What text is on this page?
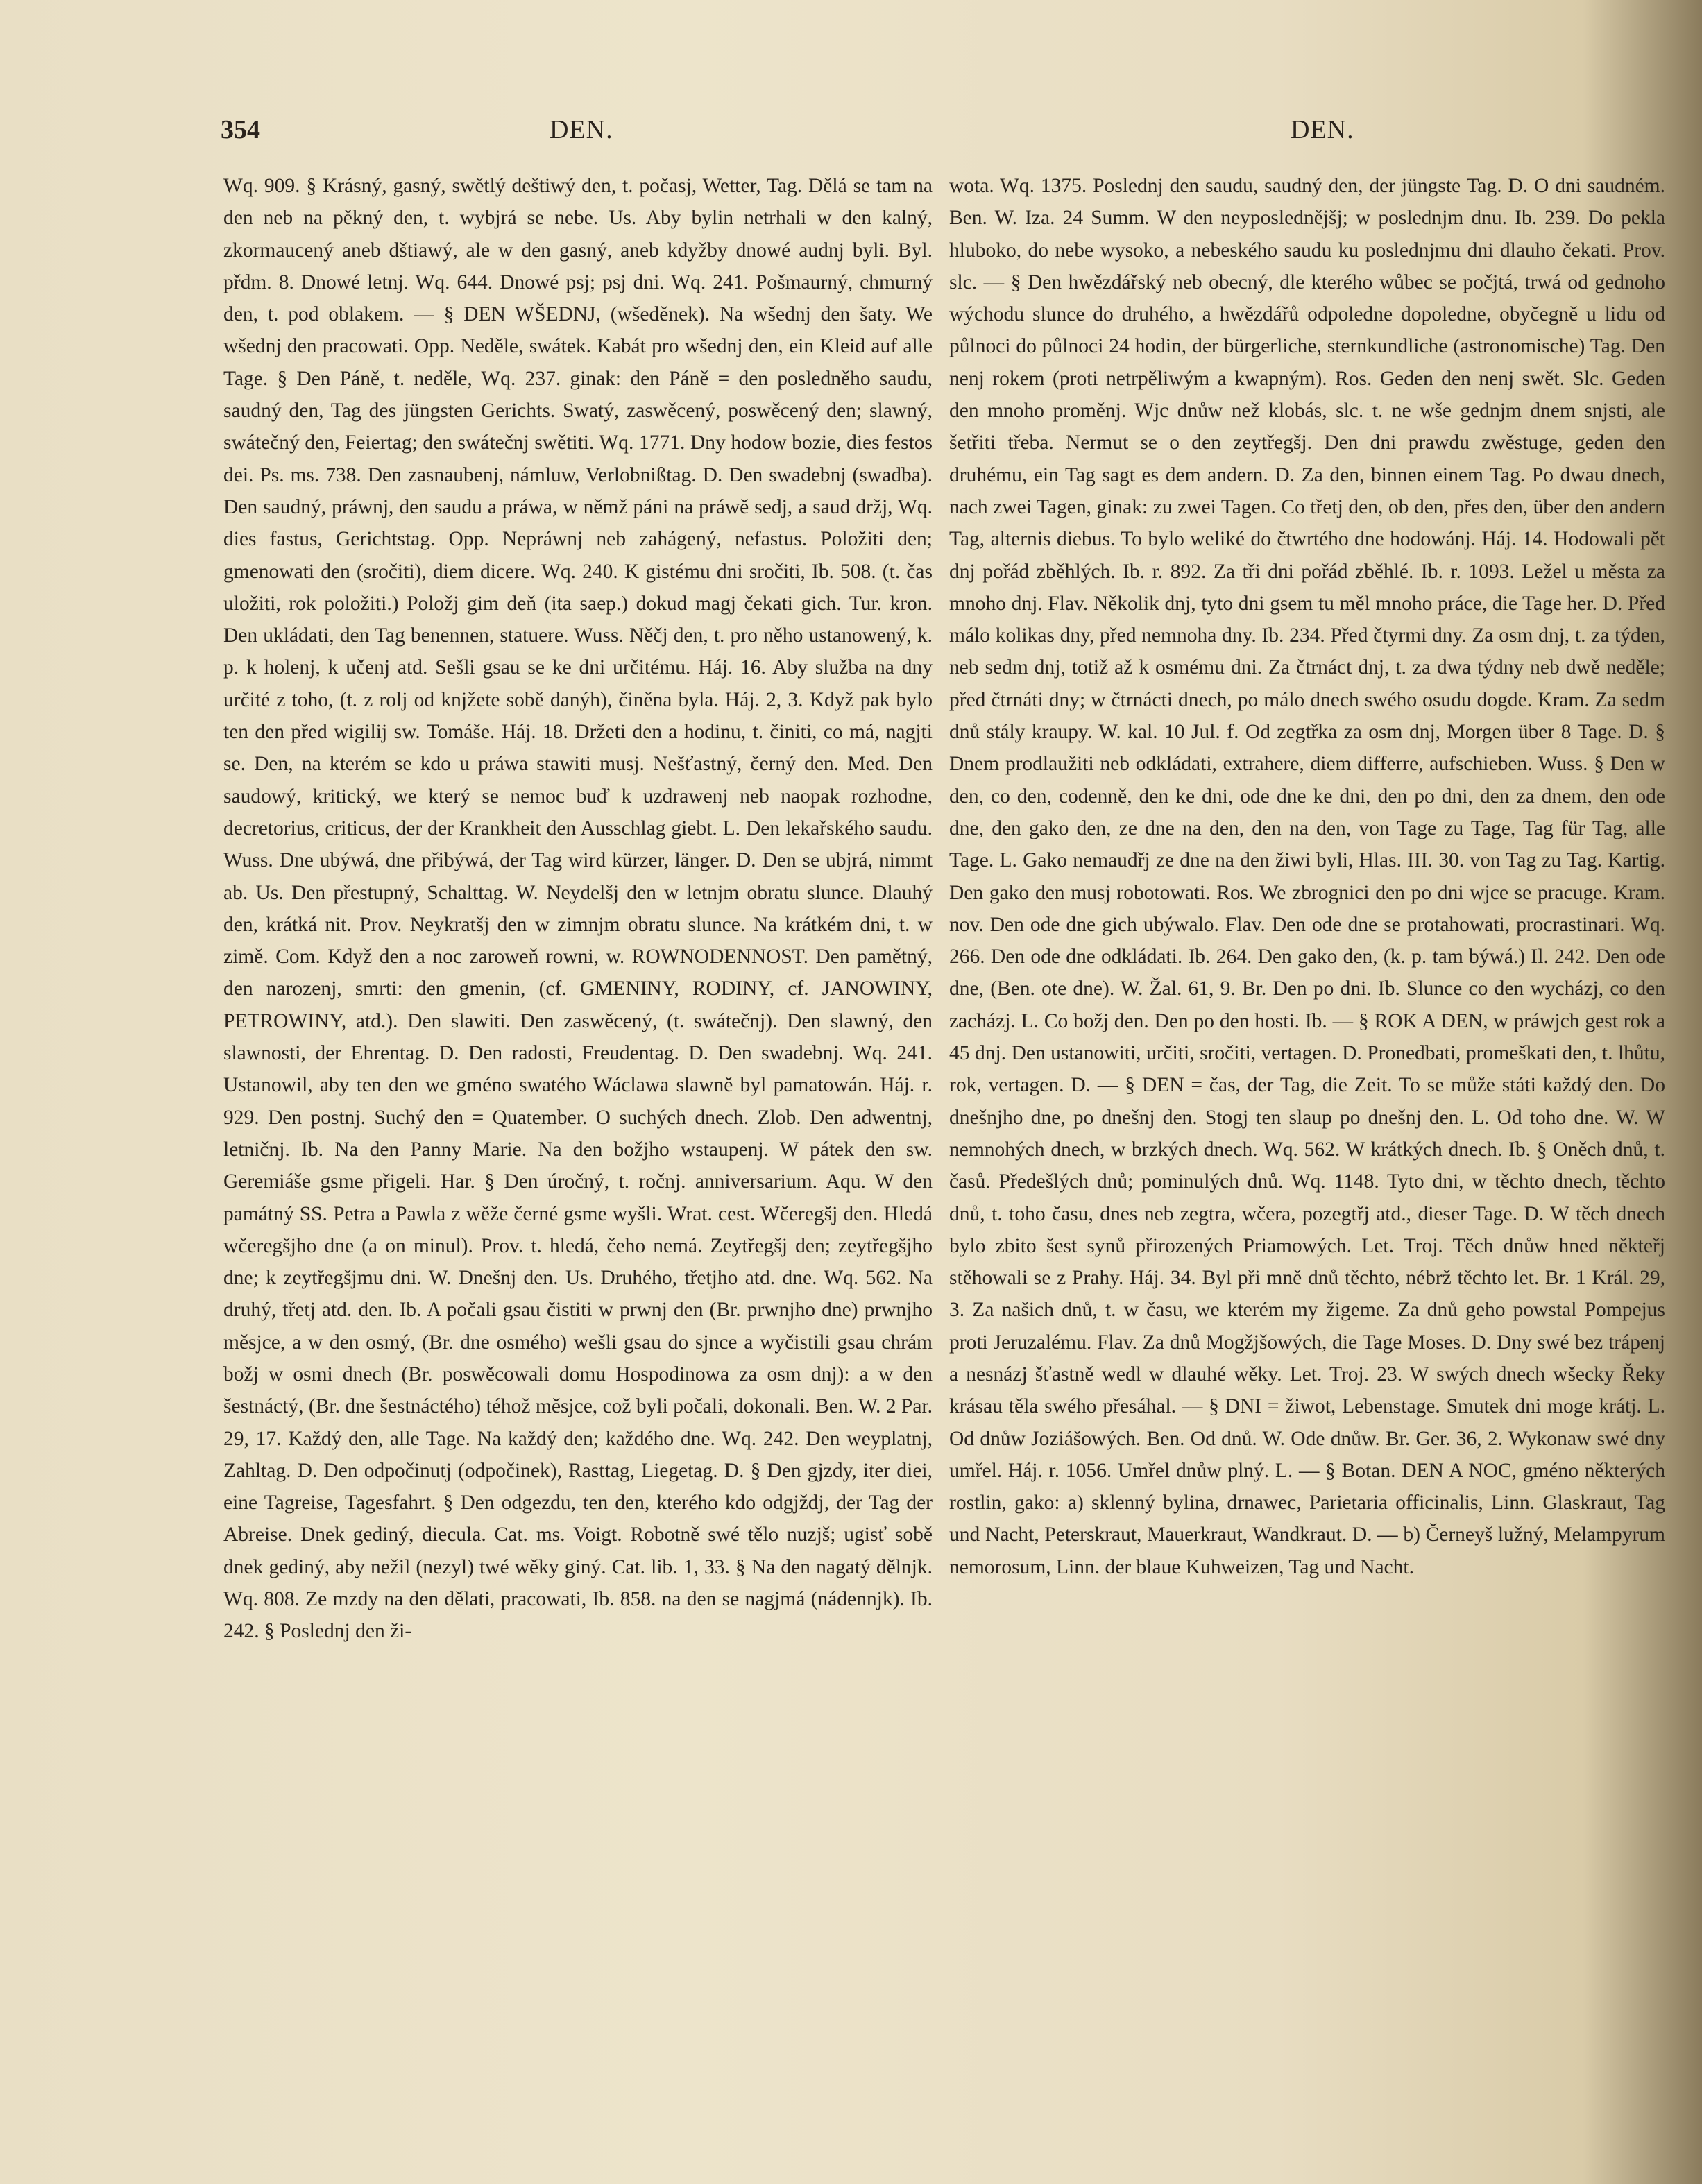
354	DEN.	DEN.

Wq. 909. § Krásný, gasný, swětlý deštiwý den, t. počasj, Wetter, Tag. Dělá se tam na den neb na pěkný den, t. wybjrá se nebe. Us. Aby bylin netrhali w den kalný, zkormaucený aneb dštiawý, ale w den gasný, aneb kdyžby dnowé audnj byli. Byl. přdm. 8. Dnowé letnj. Wq. 644. Dnowé psj; psj dni. Wq. 241. Pošmaurný, chmurný den, t. pod oblakem. — § DEN WŠEDNJ, (wšeděnek). Na wšednj den šaty. We wšednj den pracowati. Opp. Neděle, swátek. Kabát pro wšednj den, ein Kleid auf alle Tage. § Den Páně, t. neděle, Wq. 237. ginak: den Páně = den posledněho saudu, saudný den, Tag des jüngsten Gerichts. Swatý, zaswěcený, poswěcený den; slawný, swátečný den, Feiertag; den swátečnj swětiti. Wq. 1771. Dny hodow bozie, dies festos dei. Ps. ms. 738. Den zasnaubenj, námluw, Verlobnißtag. D. Den swadebnj (swadba). Den saudný, práwnj, den saudu a práwa, w němž páni na práwě sedj, a saud držj, Wq. dies fastus, Gerichtstag. Opp. Nepráwnj neb zahágený, nefastus. Položiti den; gmenowati den (sročiti), diem dicere. Wq. 240. K gistému dni sročiti, Ib. 508. (t. čas uložiti, rok položiti.) Položj gim deň (ita saep.) dokud magj čekati gich. Tur. kron. Den ukládati, den Tag benennen, statuere. Wuss. Něčj den, t. pro něho ustanowený, k. p. k holenj, k učenj atd. Sešli gsau se ke dni určitému. Háj. 16. Aby služba na dny určité z toho, (t. z rolj od knjžete sobě danýh), činěna byla. Háj. 2, 3. Když pak bylo ten den před wigilij sw. Tomáše. Háj. 18. Držeti den a hodinu, t. činiti, co má, nagjti se. Den, na kterém se kdo u práwa stawiti musj. Nešťastný, černý den. Med. Den saudowý, kritický, we který se nemoc buď k uzdrawenj neb naopak rozhodne, decretorius, criticus, der der Krankheit den Ausschlag giebt. L. Den lekařského saudu. Wuss. Dne ubýwá, dne přibýwá, der Tag wird kürzer, länger. D. Den se ubjrá, nimmt ab. Us. Den přestupný, Schalttag. W. Neydelšj den w letnjm obratu slunce. Dlauhý den, krátká nit. Prov. Neykratšj den w zimnjm obratu slunce. Na krátkém dni, t. w zimě. Com. Když den a noc zaroweň rowni, w. ROWNODENNOST. Den pamětný, den narozenj, smrti: den gmenin, (cf. GMENINY, RODINY, cf. JANOWINY, PETROWINY, atd.). Den slawiti. Den zaswěcený, (t. swátečnj). Den slawný, den slawnosti, der Ehrentag. D. Den radosti, Freudentag. D. Den swadebnj. Wq. 241. Ustanowil, aby ten den we gméno swatého Wáclawa slawně byl pamatowán. Háj. r. 929. Den postnj. Suchý den = Quatember. O suchých dnech. Zlob. Den adwentnj, letničnj. Ib. Na den Panny Marie. Na den božjho wstaupenj. W pátek den sw. Geremiáše gsme přigeli. Har. § Den úročný, t. ročnj. anniversarium. Aqu. W den památný SS. Petra a Pawla z wěže černé gsme wyšli. Wrat. cest. Wčeregšj den. Hledá wčeregšjho dne (a on minul). Prov. t. hledá, čeho nemá. Zeytřegšj den; zeytřegšjho dne; k zeytřegšjmu dni. W. Dnešnj den. Us. Druhého, třetjho atd. dne. Wq. 562. Na druhý, třetj atd. den. Ib. A počali gsau čistiti w prwnj den (Br. prwnjho dne) prwnjho měsjce, a w den osmý, (Br. dne osmého) wešli gsau do sjnce a wyčistili gsau chrám božj w osmi dnech (Br. poswěcowali domu Hospodinowa za osm dnj): a w den šestnáctý, (Br. dne šestnáctého) téhož měsjce, což byli počali, dokonali. Ben. W. 2 Par. 29, 17. Každý den, alle Tage. Na každý den; každého dne. Wq. 242. Den weyplatnj, Zahltag. D. Den odpočinutj (odpočinek), Rasttag, Liegetag. D. § Den gjzdy, iter diei, eine Tagreise, Tagesfahrt. § Den odgezdu, ten den, kterého kdo odgjždj, der Tag der Abreise. Dnek gediný, diecula. Cat. ms. Voigt. Robotně swé tělo nuzjš; ugisť sobě dnek gediný, aby nežil (nezyl) twé wěky giný. Cat. lib. 1, 33. § Na den nagatý dělnjk. Wq. 808. Ze mzdy na den dělati, pracowati, Ib. 858. na den se nagjmá (nádennjk). Ib. 242. § Poslednj den ži-

wota. Wq. 1375. Poslednj den saudu, saudný den, der jüngste Tag. D. O dni saudném. Ben. W. Iza. 24 Summ. W den neyposlednějšj; w poslednjm dnu. Ib. 239. Do pekla hluboko, do nebe wysoko, a nebeského saudu ku poslednjmu dni dlauho čekati. Prov. slc. — § Den hwězdářský neb obecný, dle kterého wůbec se počjtá, trwá od gednoho wýchodu slunce do druhého, a hwězdářů odpoledne dopoledne, obyčegně u lidu od půlnoci do půlnoci 24 hodin, der bürgerliche, sternkundliche (astronomische) Tag. Den nenj rokem (proti netrpěliwým a kwapným). Ros. Geden den nenj swět. Slc. Geden den mnoho proměnj. Wjc dnůw než klobás, slc. t. ne wše gednjm dnem snjsti, ale šetřiti třeba. Nermut se o den zeytřegšj. Den dni prawdu zwěstuge, geden den druhému, ein Tag sagt es dem andern. D. Za den, binnen einem Tag. Po dwau dnech, nach zwei Tagen, ginak: zu zwei Tagen. Co třetj den, ob den, přes den, über den andern Tag, alternis diebus. To bylo weliké do čtwrtého dne hodowánj. Háj. 14. Hodowali pět dnj pořád zběhlých. Ib. r. 892. Za tři dni pořád zběhlé. Ib. r. 1093. Ležel u města za mnoho dnj. Flav. Několik dnj, tyto dni gsem tu měl mnoho práce, die Tage her. D. Před málo kolikas dny, před nemnoha dny. Ib. 234. Před čtyrmi dny. Za osm dnj, t. za týden, neb sedm dnj, totiž až k osmému dni. Za čtrnáct dnj, t. za dwa týdny neb dwě neděle; před čtrnáti dny; w čtrnácti dnech, po málo dnech swého osudu dogde. Kram. Za sedm dnů stály kraupy. W. kal. 10 Jul. f. Od zegtřka za osm dnj, Morgen über 8 Tage. D. § Dnem prodlaužiti neb odkládati, extrahere, diem differre, aufschieben. Wuss. § Den w den, co den, codenně, den ke dni, ode dne ke dni, den po dni, den za dnem, den ode dne, den gako den, ze dne na den, den na den, von Tage zu Tage, Tag für Tag, alle Tage. L. Gako nemaudřj ze dne na den žiwi byli, Hlas. III. 30. von Tag zu Tag. Kartig. Den gako den musj robotowati. Ros. We zbrognici den po dni wjce se pracuge. Kram. nov. Den ode dne gich ubýwalo. Flav. Den ode dne se protahowati, procrastinari. Wq. 266. Den ode dne odkládati. Ib. 264. Den gako den, (k. p. tam býwá.) Il. 242. Den ode dne, (Ben. ote dne). W. Žal. 61, 9. Br. Den po dni. Ib. Slunce co den wycházj, co den zacházj. L. Co božj den. Den po den hosti. Ib. — § ROK A DEN, w práwjch gest rok a 45 dnj. Den ustanowiti, určiti, sročiti, vertagen. D. Pronedbati, promeškati den, t. lhůtu, rok, vertagen. D. — § DEN = čas, der Tag, die Zeit. To se může státi každý den. Do dnešnjho dne, po dnešnj den. Stogj ten slaup po dnešnj den. L. Od toho dne. W. W nemnohých dnech, w brzkých dnech. Wq. 562. W krátkých dnech. Ib. § Oněch dnů, t. časů. Předešlých dnů; pominulých dnů. Wq. 1148. Tyto dni, w těchto dnech, těchto dnů, t. toho času, dnes neb zegtra, wčera, pozegtřj atd., dieser Tage. D. W těch dnech bylo zbito šest synů přirozených Priamowých. Let. Troj. Těch dnůw hned někteřj stěhowali se z Prahy. Háj. 34. Byl při mně dnů těchto, nébrž těchto let. Br. 1 Král. 29, 3. Za našich dnů, t. w času, we kterém my žigeme. Za dnů geho powstal Pompejus proti Jeruzalému. Flav. Za dnů Mogžjšowých, die Tage Moses. D. Dny swé bez trápenj a nesnázj šťastně wedl w dlauhé wěky. Let. Troj. 23. W swých dnech wšecky Řeky krásau těla swého přesáhal. — § DNI = žiwot, Lebenstage. Smutek dni moge krátj. L. Od dnůw Joziášowých. Ben. Od dnů. W. Ode dnůw. Br. Ger. 36, 2. Wykonaw swé dny umřel. Háj. r. 1056. Umřel dnůw plný. L. — § Botan. DEN A NOC, gméno některých rostlin, gako: a) sklenný bylina, drnawec, Parietaria officinalis, Linn. Glaskraut, Tag und Nacht, Peterskraut, Mauerkraut, Wandkraut. D. — b) Černeyš lužný, Melampyrum nemorosum, Linn. der blaue Kuhweizen, Tag und Nacht.
